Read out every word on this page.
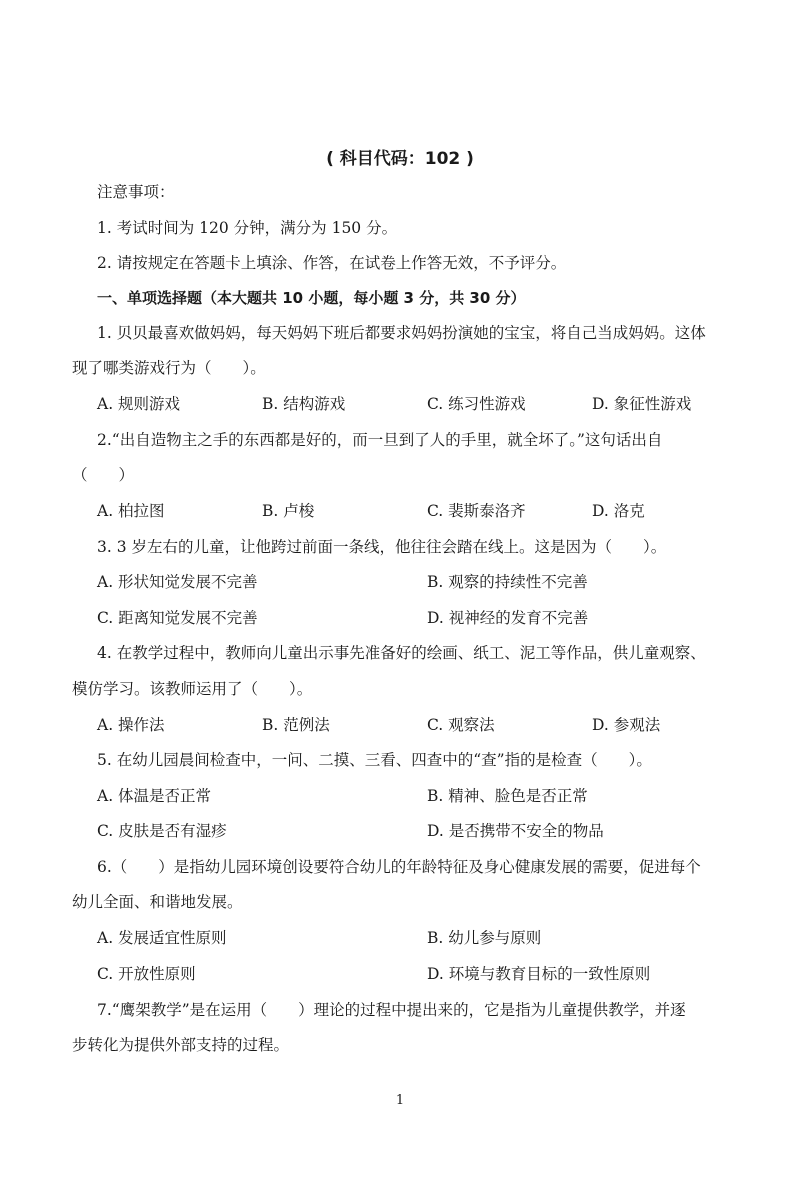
( 科目代码：102 )
注意事项：
1. 考试时间为 120 分钟，满分为 150 分。
2. 请按规定在答题卡上填涂、作答，在试卷上作答无效，不予评分。
一、单项选择题（本大题共 10 小题，每小题 3 分，共 30 分）
1. 贝贝最喜欢做妈妈，每天妈妈下班后都要求妈妈扮演她的宝宝，将自己当成妈妈。这体
现了哪类游戏行为（　　）。
A. 规则游戏	B. 结构游戏	C. 练习性游戏	D. 象征性游戏
2.“出自造物主之手的东西都是好的，而一旦到了人的手里，就全坏了。”这句话出自
（　　）
A. 柏拉图	B. 卢梭	C. 裴斯泰洛齐	D. 洛克
3. 3 岁左右的儿童，让他跨过前面一条线，他往往会踏在线上。这是因为（　　）。
A. 形状知觉发展不完善	B. 观察的持续性不完善
C. 距离知觉发展不完善	D. 视神经的发育不完善
4. 在教学过程中，教师向儿童出示事先准备好的绘画、纸工、泥工等作品，供儿童观察、
模仿学习。该教师运用了（　　）。
A. 操作法	B. 范例法	C. 观察法	D. 参观法
5. 在幼儿园晨间检查中，一问、二摸、三看、四查中的“查”指的是检查（　　）。
A. 体温是否正常	B. 精神、脸色是否正常
C. 皮肤是否有湿疹	D. 是否携带不安全的物品
6.（　　）是指幼儿园环境创设要符合幼儿的年龄特征及身心健康发展的需要，促进每个
幼儿全面、和谐地发展。
A. 发展适宜性原则	B. 幼儿参与原则
C. 开放性原则	D. 环境与教育目标的一致性原则
7.“鹰架教学”是在运用（　　）理论的过程中提出来的，它是指为儿童提供教学，并逐
步转化为提供外部支持的过程。
1
